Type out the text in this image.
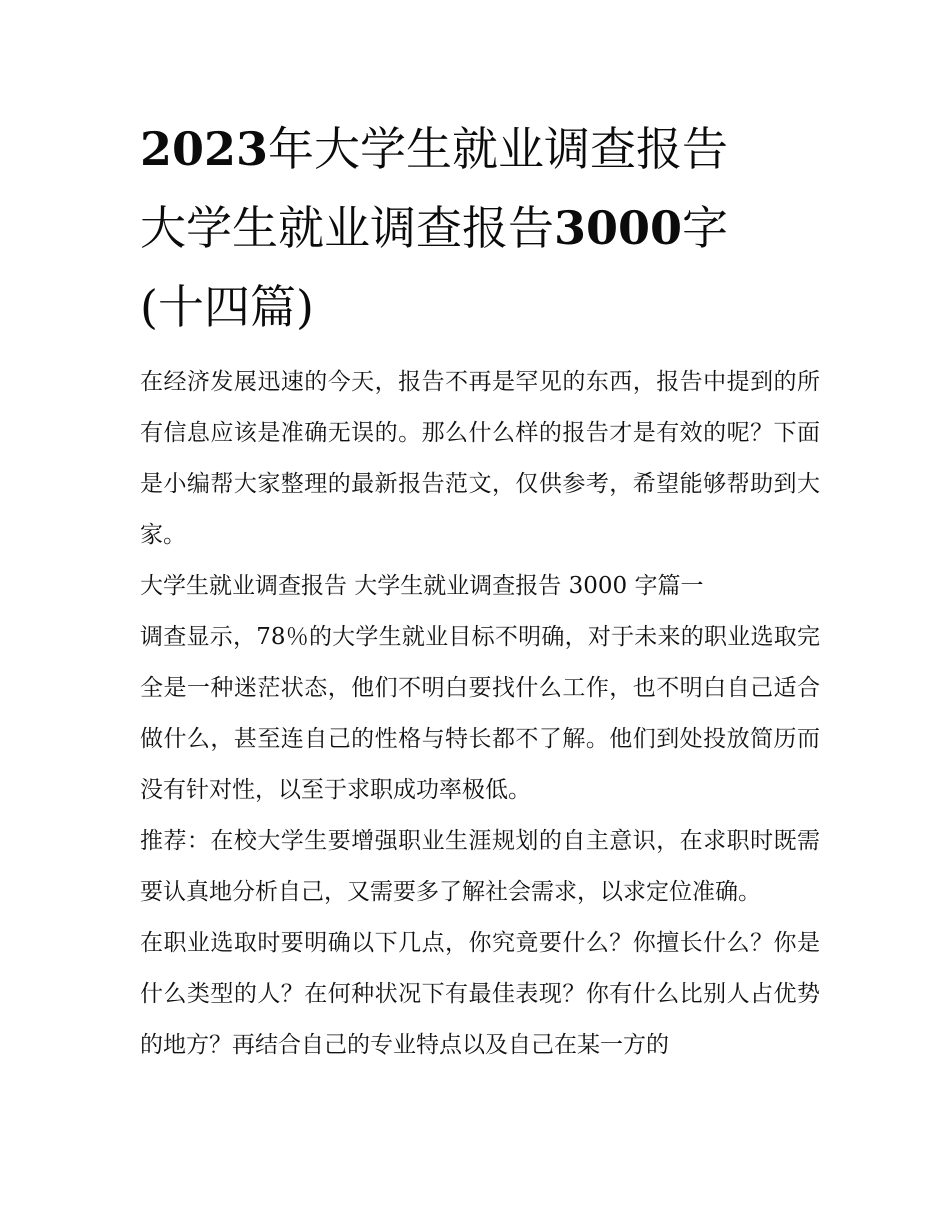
2023年大学生就业调查报告
大学生就业调查报告3000字
(十四篇)

在经济发展迅速的今天，报告不再是罕见的东西，报告中提到的所有信息应该是准确无误的。那么什么样的报告才是有效的呢？下面是小编帮大家整理的最新报告范文，仅供参考，希望能够帮助到大家。

大学生就业调查报告 大学生就业调查报告 3000 字篇一

调查显示，78％的大学生就业目标不明确，对于未来的职业选取完全是一种迷茫状态，他们不明白要找什么工作，也不明白自己适合做什么，甚至连自己的性格与特长都不了解。他们到处投放简历而没有针对性，以至于求职成功率极低。

推荐：在校大学生要增强职业生涯规划的自主意识，在求职时既需要认真地分析自己，又需要多了解社会需求，以求定位准确。

在职业选取时要明确以下几点，你究竟要什么？你擅长什么？你是什么类型的人？在何种状况下有最佳表现？你有什么比别人占优势的地方？再结合自己的专业特点以及自己在某一方的
